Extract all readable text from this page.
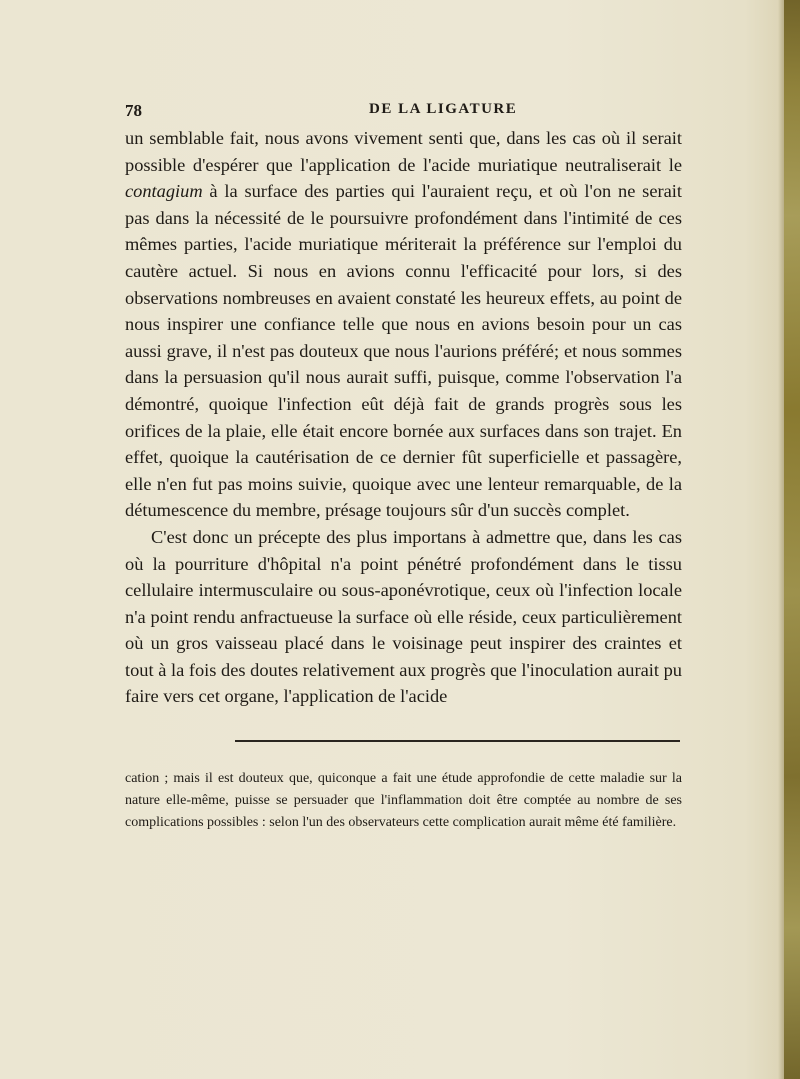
78	DE LA LIGATURE

un semblable fait, nous avons vivement senti que, dans les cas où il serait possible d'espérer que l'application de l'acide muriatique neutraliserait le contagium à la surface des parties qui l'auraient reçu, et où l'on ne serait pas dans la nécessité de le poursuivre profondément dans l'intimité de ces mêmes parties, l'acide muriatique mériterait la préférence sur l'emploi du cautère actuel. Si nous en avions connu l'efficacité pour lors, si des observations nombreuses en avaient constaté les heureux effets, au point de nous inspirer une confiance telle que nous en avions besoin pour un cas aussi grave, il n'est pas douteux que nous l'aurions préféré; et nous sommes dans la persuasion qu'il nous aurait suffi, puisque, comme l'observation l'a démontré, quoique l'infection eût déjà fait de grands progrès sous les orifices de la plaie, elle était encore bornée aux surfaces dans son trajet. En effet, quoique la cautérisation de ce dernier fût superficielle et passagère, elle n'en fut pas moins suivie, quoique avec une lenteur remarquable, de la détumescence du membre, présage toujours sûr d'un succès complet.

C'est donc un précepte des plus importans à admettre que, dans les cas où la pourriture d'hôpital n'a point pénétré profondément dans le tissu cellulaire intermusculaire ou sous-aponévrotique, ceux où l'infection locale n'a point rendu anfractueuse la surface où elle réside, ceux particulièrement où un gros vaisseau placé dans le voisinage peut inspirer des craintes et tout à la fois des doutes relativement aux progrès que l'inoculation aurait pu faire vers cet organe, l'application de l'acide

cation ; mais il est douteux que, quiconque a fait une étude approfondie de cette maladie sur la nature elle-même, puisse se persuader que l'inflammation doit être comptée au nombre de ses complications possibles : selon l'un des observateurs cette complication aurait même été familière.
